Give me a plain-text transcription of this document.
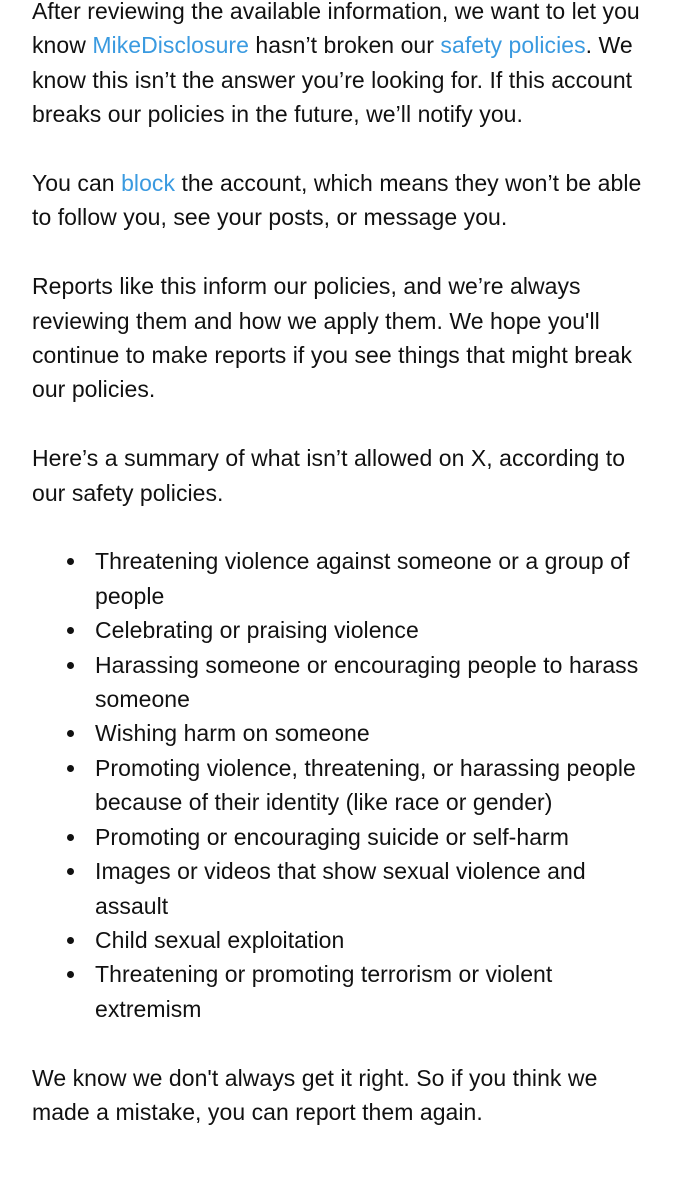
After reviewing the available information, we want to let you know MikeDisclosure hasn’t broken our safety policies. We know this isn’t the answer you’re looking for. If this account breaks our policies in the future, we’ll notify you.

You can block the account, which means they won’t be able to follow you, see your posts, or message you.

Reports like this inform our policies, and we’re always reviewing them and how we apply them. We hope you'll continue to make reports if you see things that might break our policies.

Here’s a summary of what isn’t allowed on X, according to our safety policies.

Threatening violence against someone or a group of people
Celebrating or praising violence
Harassing someone or encouraging people to harass someone
Wishing harm on someone
Promoting violence, threatening, or harassing people because of their identity (like race or gender)
Promoting or encouraging suicide or self-harm
Images or videos that show sexual violence and assault
Child sexual exploitation
Threatening or promoting terrorism or violent extremism

We know we don't always get it right. So if you think we made a mistake, you can report them again.
